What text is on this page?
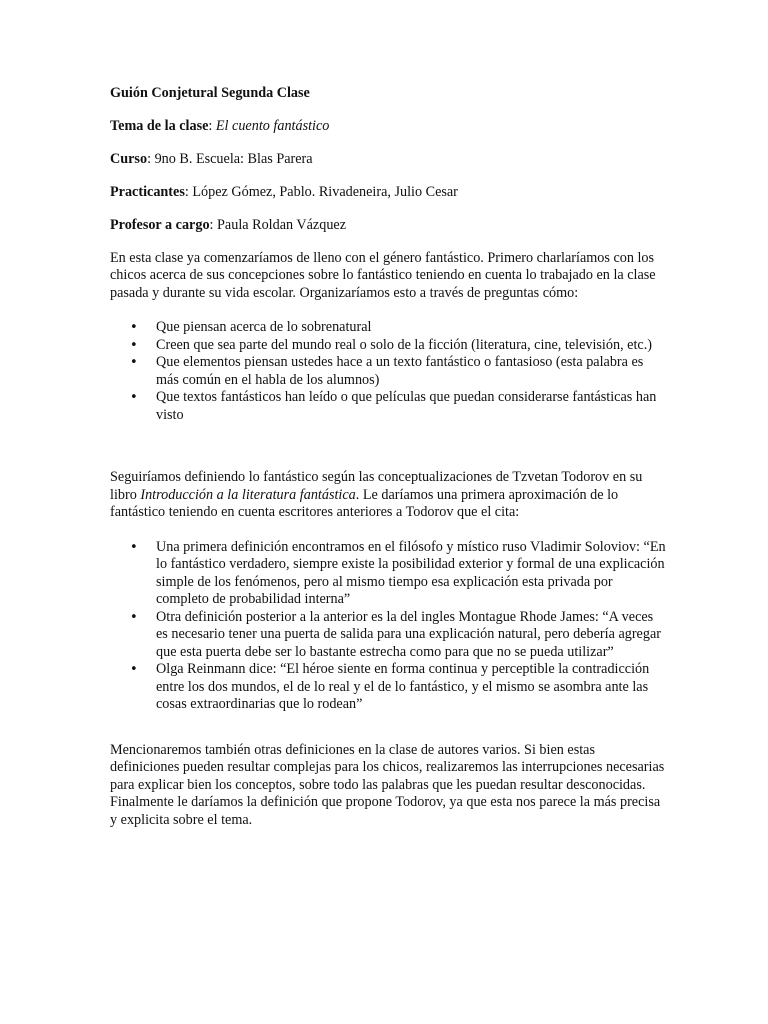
Guión Conjetural Segunda Clase

Tema de la clase: El cuento fantástico

Curso: 9no B. Escuela: Blas Parera

Practicantes: López Gómez, Pablo. Rivadeneira, Julio Cesar

Profesor a cargo: Paula Roldan Vázquez

En esta clase ya comenzaríamos de lleno con el género fantástico. Primero charlaríamos con los chicos acerca de sus concepciones sobre lo fantástico teniendo en cuenta lo trabajado en la clase pasada y durante su vida escolar. Organizaríamos esto a través de preguntas cómo:

• Que piensan acerca de lo sobrenatural
• Creen que sea parte del mundo real o solo de la ficción (literatura, cine, televisión, etc.)
• Que elementos piensan ustedes hace a un texto fantástico o fantasioso (esta palabra es más común en el habla de los alumnos)
• Que textos fantásticos han leído o que películas que puedan considerarse fantásticas han visto

Seguiríamos definiendo lo fantástico según las conceptualizaciones de Tzvetan Todorov en su libro Introducción a la literatura fantástica. Le daríamos una primera aproximación de lo fantástico teniendo en cuenta escritores anteriores a Todorov que el cita:

• Una primera definición encontramos en el filósofo y místico ruso Vladimir Soloviov: “En lo fantástico verdadero, siempre existe la posibilidad exterior y formal de una explicación simple de los fenómenos, pero al mismo tiempo esa explicación esta privada por completo de probabilidad interna”
• Otra definición posterior a la anterior es la del ingles Montague Rhode James: “A veces es necesario tener una puerta de salida para una explicación natural, pero debería agregar que esta puerta debe ser lo bastante estrecha como para que no se pueda utilizar”
• Olga Reinmann dice: “El héroe siente en forma continua y perceptible la contradicción entre los dos mundos, el de lo real y el de lo fantástico, y el mismo se asombra ante las cosas extraordinarias que lo rodean”

Mencionaremos también otras definiciones en la clase de autores varios. Si bien estas definiciones pueden resultar complejas para los chicos, realizaremos las interrupciones necesarias para explicar bien los conceptos, sobre todo las palabras que les puedan resultar desconocidas.

Finalmente le daríamos la definición que propone Todorov, ya que esta nos parece la más precisa y explicita sobre el tema.
